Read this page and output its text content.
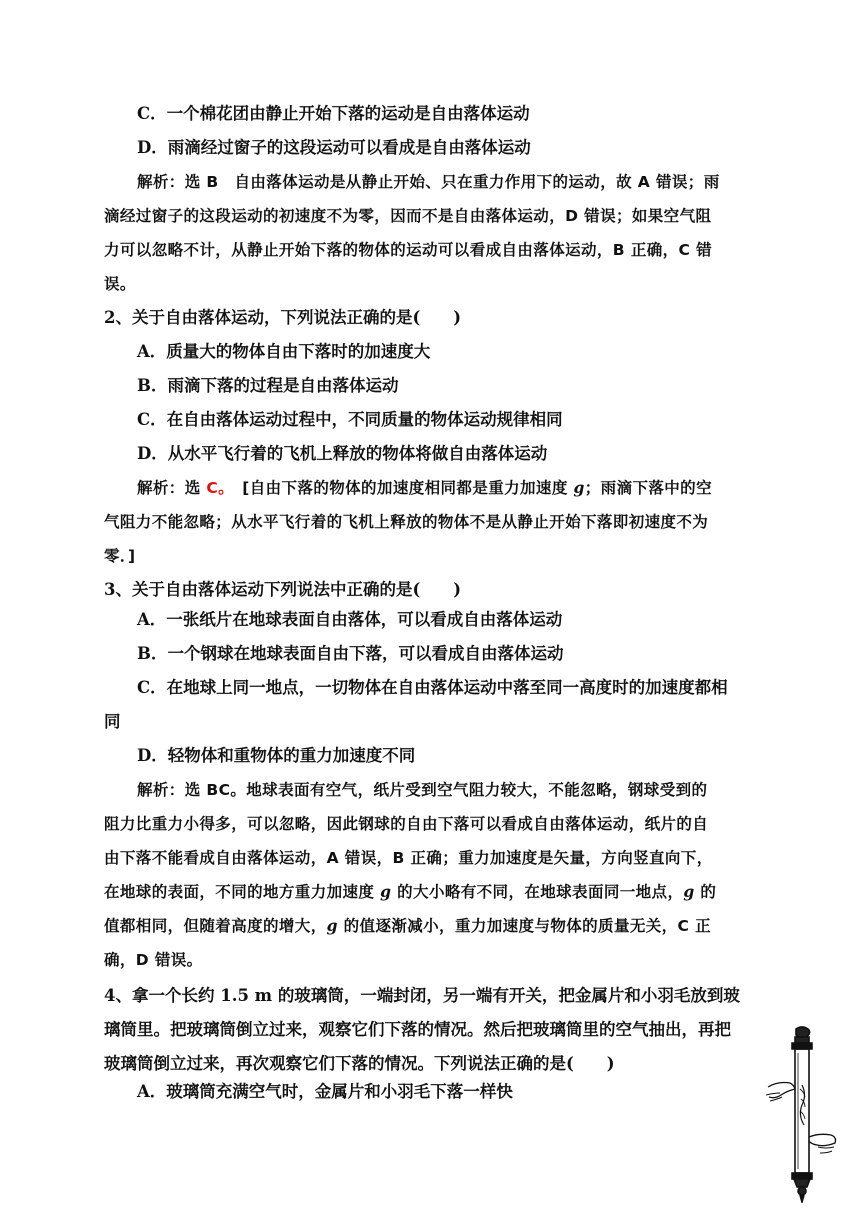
C．一个棉花团由静止开始下落的运动是自由落体运动
D．雨滴经过窗子的这段运动可以看成是自由落体运动
解析：选 B　自由落体运动是从静止开始、只在重力作用下的运动，故 A 错误；雨
滴经过窗子的这段运动的初速度不为零，因而不是自由落体运动，D 错误；如果空气阻
力可以忽略不计，从静止开始下落的物体的运动可以看成自由落体运动，B 正确，C 错
误。
2、关于自由落体运动，下列说法正确的是(　　)
A．质量大的物体自由下落时的加速度大
B．雨滴下落的过程是自由落体运动
C．在自由落体运动过程中，不同质量的物体运动规律相同
D．从水平飞行着的飞机上释放的物体将做自由落体运动
解析：选 C。　[自由下落的物体的加速度相同都是重力加速度 g；雨滴下落中的空
气阻力不能忽略；从水平飞行着的飞机上释放的物体不是从静止开始下落即初速度不为
零．]
3、关于自由落体运动下列说法中正确的是(　　)
A．一张纸片在地球表面自由落体，可以看成自由落体运动
B．一个钢球在地球表面自由下落，可以看成自由落体运动
C．在地球上同一地点，一切物体在自由落体运动中落至同一高度时的加速度都相
同
D．轻物体和重物体的重力加速度不同
解析：选 BC。地球表面有空气，纸片受到空气阻力较大，不能忽略，钢球受到的
阻力比重力小得多，可以忽略，因此钢球的自由下落可以看成自由落体运动，纸片的自
由下落不能看成自由落体运动，A 错误，B 正确；重力加速度是矢量，方向竖直向下，
在地球的表面，不同的地方重力加速度 g 的大小略有不同，在地球表面同一地点，g 的
值都相同，但随着高度的增大，g 的值逐渐减小，重力加速度与物体的质量无关，C 正
确，D 错误。
4、拿一个长约 1.5 m 的玻璃筒，一端封闭，另一端有开关，把金属片和小羽毛放到玻
璃筒里。把玻璃筒倒立过来，观察它们下落的情况。然后把玻璃筒里的空气抽出，再把
玻璃筒倒立过来，再次观察它们下落的情况。下列说法正确的是(　　)
A．玻璃筒充满空气时，金属片和小羽毛下落一样快
